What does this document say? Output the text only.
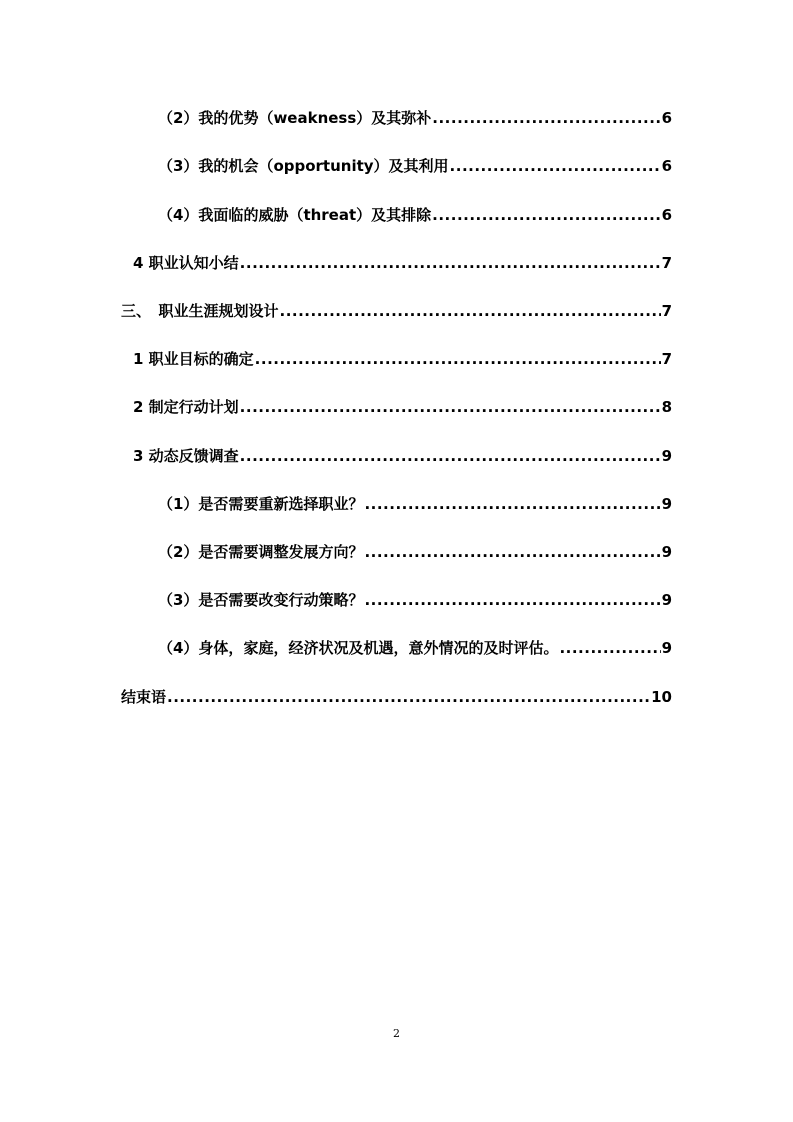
（2）我的优势（weakness）及其弥补 .....	6
（3）我的机会（opportunity）及其利用 .....	6
（4）我面临的威胁（threat）及其排除 .....	6
4 职业认知小结 .....	7
三、　职业生涯规划设计 .....	7
1 职业目标的确定 .....	7
2 制定行动计划 .....	8
3 动态反馈调查 .....	9
（1）是否需要重新选择职业？ .....	9
（2）是否需要调整发展方向？ .....	9
（3）是否需要改变行动策略？ .....	9
（4）身体，家庭，经济状况及机遇，意外情况的及时评估。 .....	9
结束语 .....	10
2
